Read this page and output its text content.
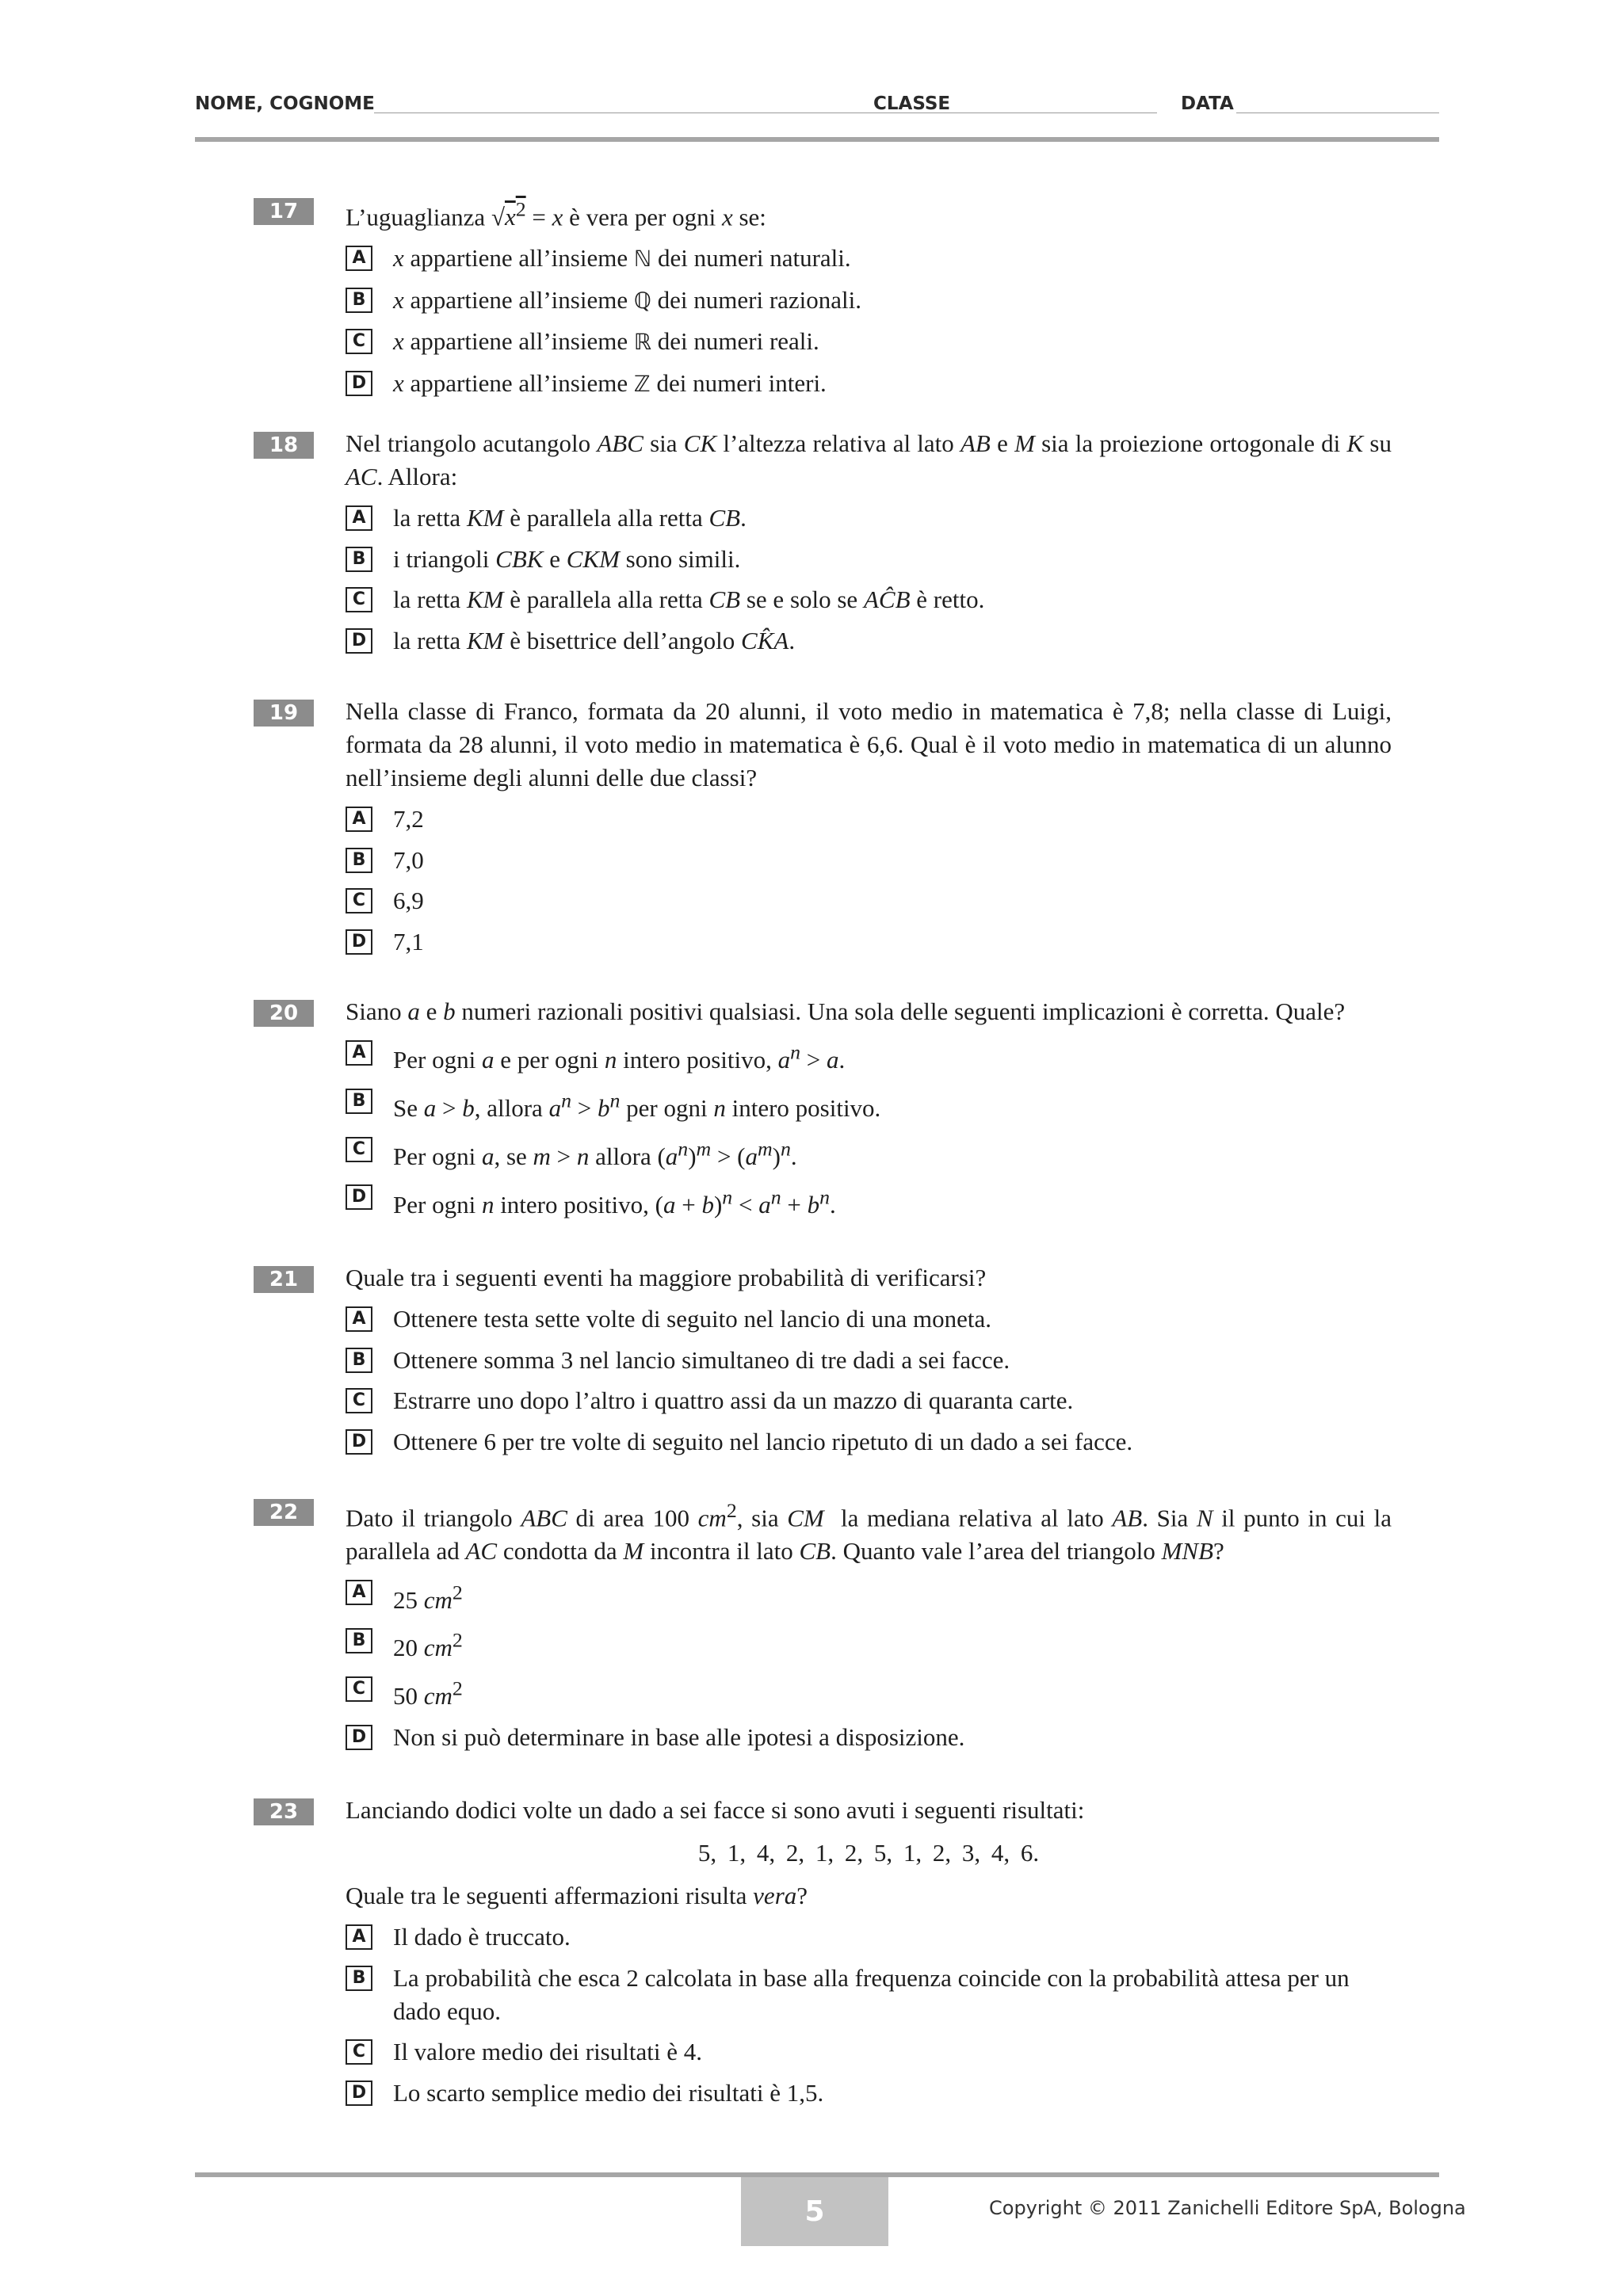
NOME, COGNOME	CLASSE	DATA
17	L’uguaglianza $√x^2 = x$ è vera per ogni x se:
A x appartiene all’insieme ℕ dei numeri naturali.
B x appartiene all’insieme ℚ dei numeri razionali.
C x appartiene all’insieme ℝ dei numeri reali.
D x appartiene all’insieme ℤ dei numeri interi.
18	Nel triangolo acutangolo ABC sia CK l’altezza relativa al lato AB e M sia la proiezione ortogonale di K su AC. Allora:
A la retta KM è parallela alla retta CB.
B i triangoli CBK e CKM sono simili.
C la retta KM è parallela alla retta CB se e solo se AĈB è retto.
D la retta KM è bisettrice dell’angolo CK̂A.
19	Nella classe di Franco, formata da 20 alunni, il voto medio in matematica è 7,8; nella classe di Luigi, formata da 28 alunni, il voto medio in matematica è 6,6. Qual è il voto medio in matematica di un alunno nell’insieme degli alunni delle due classi?
A 7,2
B 7,0
C 6,9
D 7,1
20	Siano a e b numeri razionali positivi qualsiasi. Una sola delle seguenti implicazioni è corretta. Quale?
A Per ogni a e per ogni n intero positivo, $a^n > a$.
B Se a > b, allora $a^n > b^n$ per ogni n intero positivo.
C Per ogni a, se m > n allora $(a^n)^m > (a^m)^n$.
D Per ogni n intero positivo, $(a + b)^n < a^n + b^n$.
21	Quale tra i seguenti eventi ha maggiore probabilità di verificarsi?
A Ottenere testa sette volte di seguito nel lancio di una moneta.
B Ottenere somma 3 nel lancio simultaneo di tre dadi a sei facce.
C Estrarre uno dopo l’altro i quattro assi da un mazzo di quaranta carte.
D Ottenere 6 per tre volte di seguito nel lancio ripetuto di un dado a sei facce.
22	Dato il triangolo ABC di area 100 $cm^2$, sia CM  la mediana relativa al lato AB. Sia N il punto in cui la parallela ad AC condotta da M incontra il lato CB. Quanto vale l’area del triangolo MNB?
A 25 $cm^2$
B 20 $cm^2$
C 50 $cm^2$
D Non si può determinare in base alle ipotesi a disposizione.
23	Lanciando dodici volte un dado a sei facce si sono avuti i seguenti risultati:
5, 1, 4, 2, 1, 2, 5, 1, 2, 3, 4, 6.
Quale tra le seguenti affermazioni risulta vera?
A Il dado è truccato.
B La probabilità che esca 2 calcolata in base alla frequenza coincide con la probabilità attesa per un dado equo.
C Il valore medio dei risultati è 4.
D Lo scarto semplice medio dei risultati è 1,5.
5	Copyright © 2011 Zanichelli Editore SpA, Bologna
